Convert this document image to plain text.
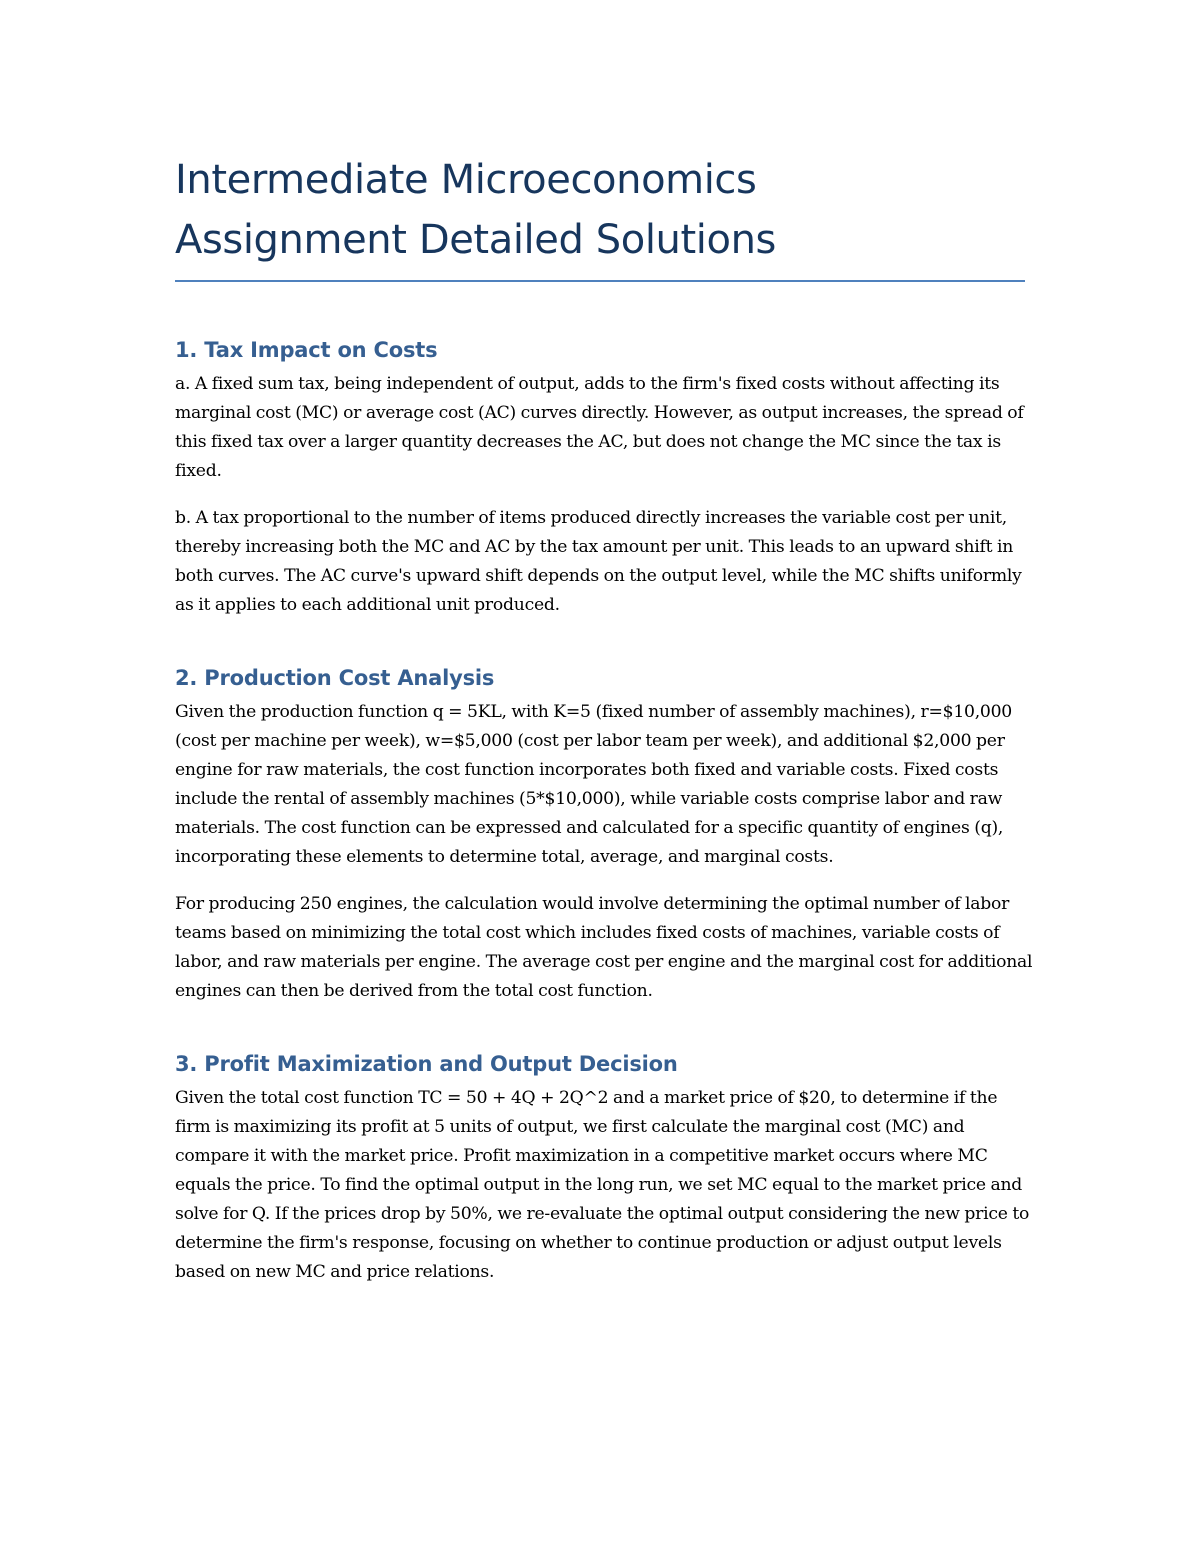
Intermediate Microeconomics
Assignment Detailed Solutions
1. Tax Impact on Costs

a. A fixed sum tax, being independent of output, adds to the firm's fixed costs without affecting its marginal cost (MC) or average cost (AC) curves directly. However, as output increases, the spread of this fixed tax over a larger quantity decreases the AC, but does not change the MC since the tax is fixed.

b. A tax proportional to the number of items produced directly increases the variable cost per unit, thereby increasing both the MC and AC by the tax amount per unit. This leads to an upward shift in both curves. The AC curve's upward shift depends on the output level, while the MC shifts uniformly as it applies to each additional unit produced.

2. Production Cost Analysis

Given the production function q = 5KL, with K=5 (fixed number of assembly machines), r=$10,000 (cost per machine per week), w=$5,000 (cost per labor team per week), and additional $2,000 per engine for raw materials, the cost function incorporates both fixed and variable costs. Fixed costs include the rental of assembly machines (5*$10,000), while variable costs comprise labor and raw materials. The cost function can be expressed and calculated for a specific quantity of engines (q), incorporating these elements to determine total, average, and marginal costs.

For producing 250 engines, the calculation would involve determining the optimal number of labor teams based on minimizing the total cost which includes fixed costs of machines, variable costs of labor, and raw materials per engine. The average cost per engine and the marginal cost for additional engines can then be derived from the total cost function.

3. Profit Maximization and Output Decision

Given the total cost function TC = 50 + 4Q + 2Q^2 and a market price of $20, to determine if the firm is maximizing its profit at 5 units of output, we first calculate the marginal cost (MC) and compare it with the market price. Profit maximization in a competitive market occurs where MC equals the price. To find the optimal output in the long run, we set MC equal to the market price and solve for Q. If the prices drop by 50%, we re-evaluate the optimal output considering the new price to determine the firm's response, focusing on whether to continue production or adjust output levels based on new MC and price relations.
